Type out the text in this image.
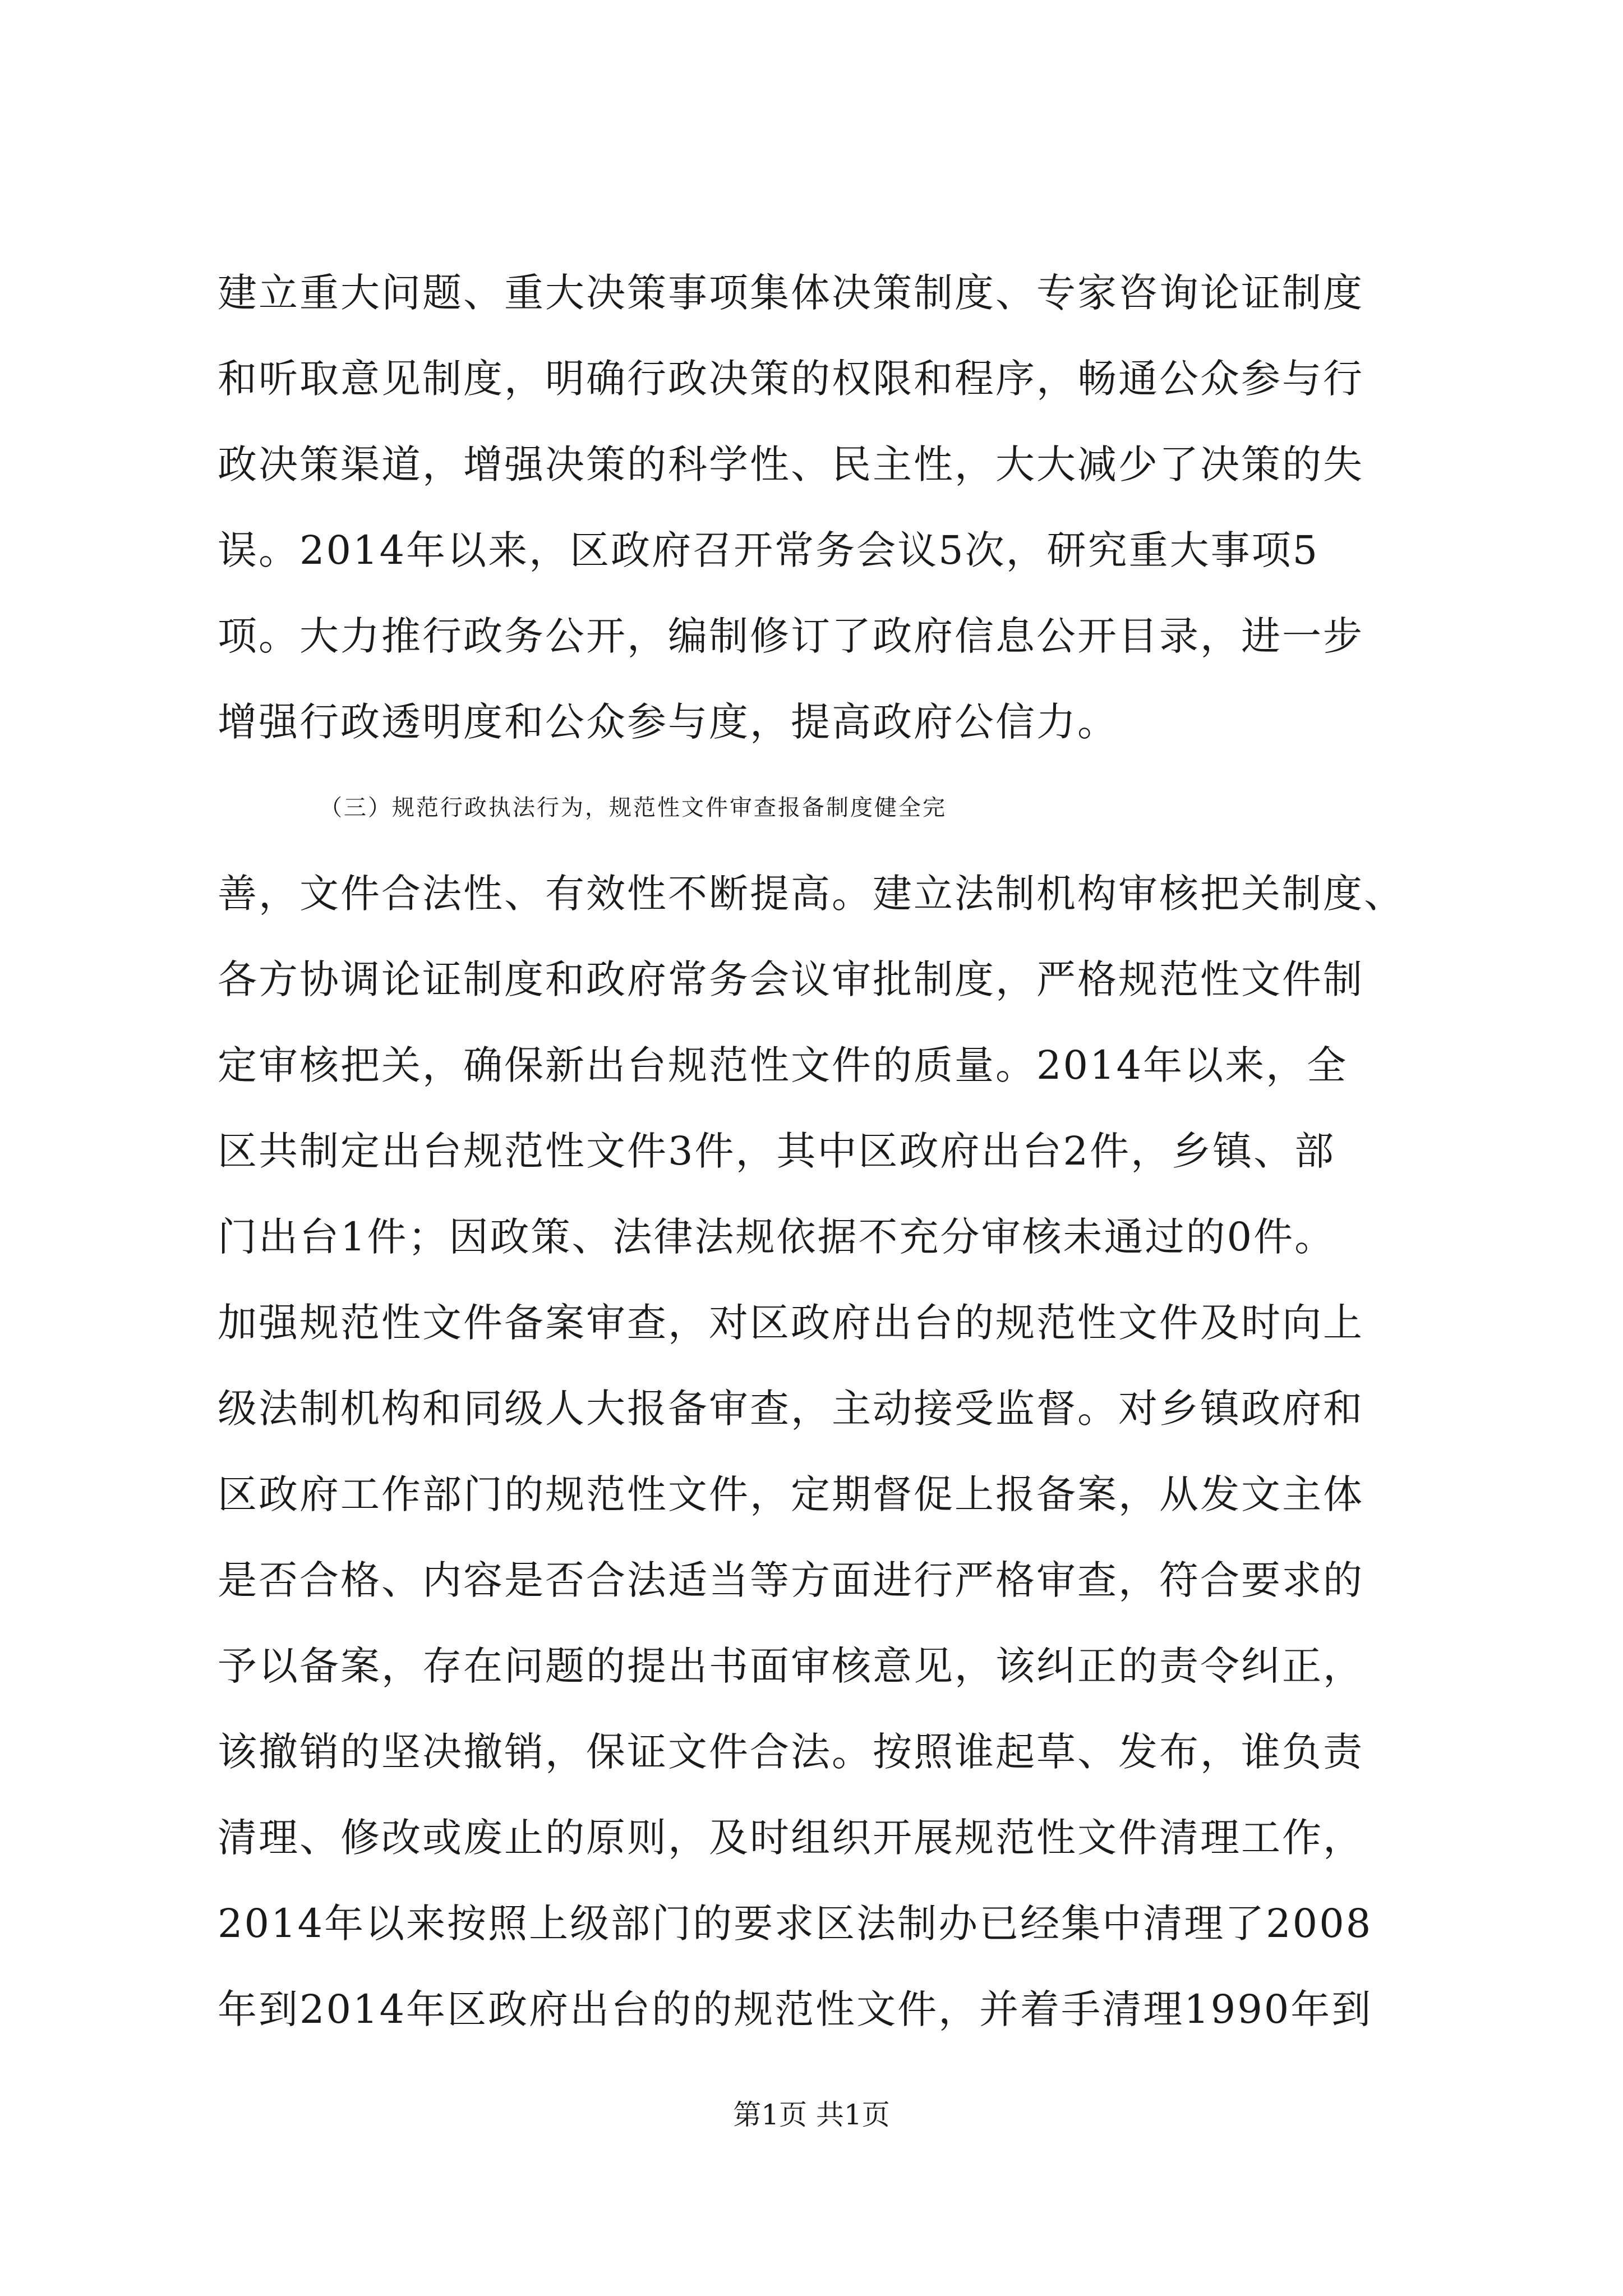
建立重大问题、重大决策事项集体决策制度、专家咨询论证制度
和听取意见制度，明确行政决策的权限和程序，畅通公众参与行
政决策渠道，增强决策的科学性、民主性，大大减少了决策的失
误。2014年以来，区政府召开常务会议5次，研究重大事项5
项。大力推行政务公开，编制修订了政府信息公开目录，进一步
增强行政透明度和公众参与度，提高政府公信力。
（三）规范行政执法行为，规范性文件审查报备制度健全完
善，文件合法性、有效性不断提高。建立法制机构审核把关制度、
各方协调论证制度和政府常务会议审批制度，严格规范性文件制
定审核把关，确保新出台规范性文件的质量。2014年以来，全
区共制定出台规范性文件3件，其中区政府出台2件，乡镇、部
门出台1件；因政策、法律法规依据不充分审核未通过的0件。
加强规范性文件备案审查，对区政府出台的规范性文件及时向上
级法制机构和同级人大报备审查，主动接受监督。对乡镇政府和
区政府工作部门的规范性文件，定期督促上报备案，从发文主体
是否合格、内容是否合法适当等方面进行严格审查，符合要求的
予以备案，存在问题的提出书面审核意见，该纠正的责令纠正，
该撤销的坚决撤销，保证文件合法。按照谁起草、发布，谁负责
清理、修改或废止的原则，及时组织开展规范性文件清理工作，
2014年以来按照上级部门的要求区法制办已经集中清理了2008
年到2014年区政府出台的的规范性文件，并着手清理1990年到
第1页 共1页
